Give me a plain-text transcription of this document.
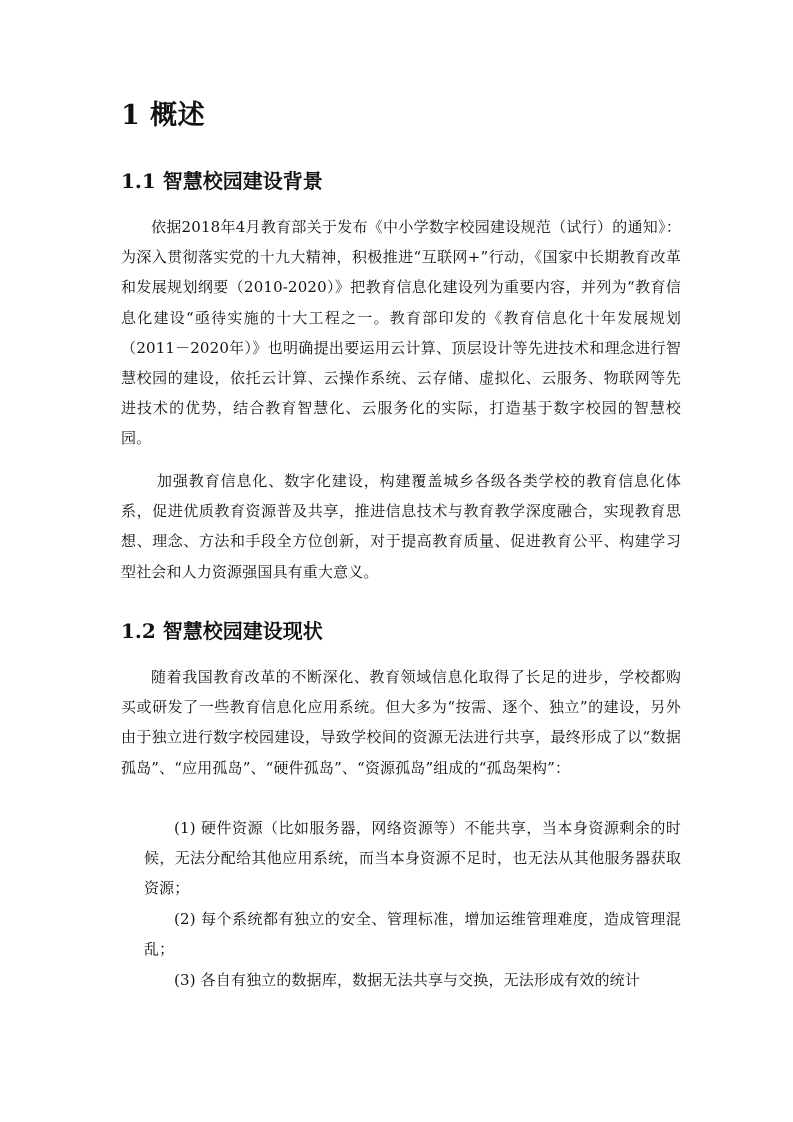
1 概述
1.1 智慧校园建设背景
依据2018年4月教育部关于发布《中小学数字校园建设规范（试行）的通知》：为深入贯彻落实党的十九大精神，积极推进“互联网+”行动，《国家中长期教育改革和发展规划纲要（2010-2020）》把教育信息化建设列为重要内容，并列为“教育信息化建设“亟待实施的十大工程之一。教育部印发的《教育信息化十年发展规划（2011－2020年）》也明确提出要运用云计算、顶层设计等先进技术和理念进行智慧校园的建设，依托云计算、云操作系统、云存储、虚拟化、云服务、物联网等先进技术的优势，结合教育智慧化、云服务化的实际，打造基于数字校园的智慧校园。
加强教育信息化、数字化建设，构建覆盖城乡各级各类学校的教育信息化体系，促进优质教育资源普及共享，推进信息技术与教育教学深度融合，实现教育思想、理念、方法和手段全方位创新，对于提高教育质量、促进教育公平、构建学习型社会和人力资源强国具有重大意义。
1.2 智慧校园建设现状
随着我国教育改革的不断深化、教育领域信息化取得了长足的进步，学校都购买或研发了一些教育信息化应用系统。但大多为“按需、逐个、独立”的建设，另外由于独立进行数字校园建设，导致学校间的资源无法进行共享，最终形成了以“数据孤岛”、“应用孤岛”、“硬件孤岛”、“资源孤岛”组成的“孤岛架构”：
(1) 硬件资源（比如服务器，网络资源等）不能共享，当本身资源剩余的时候，无法分配给其他应用系统，而当本身资源不足时，也无法从其他服务器获取资源；
(2) 每个系统都有独立的安全、管理标准，增加运维管理难度，造成管理混乱；
(3) 各自有独立的数据库，数据无法共享与交换，无法形成有效的统计
